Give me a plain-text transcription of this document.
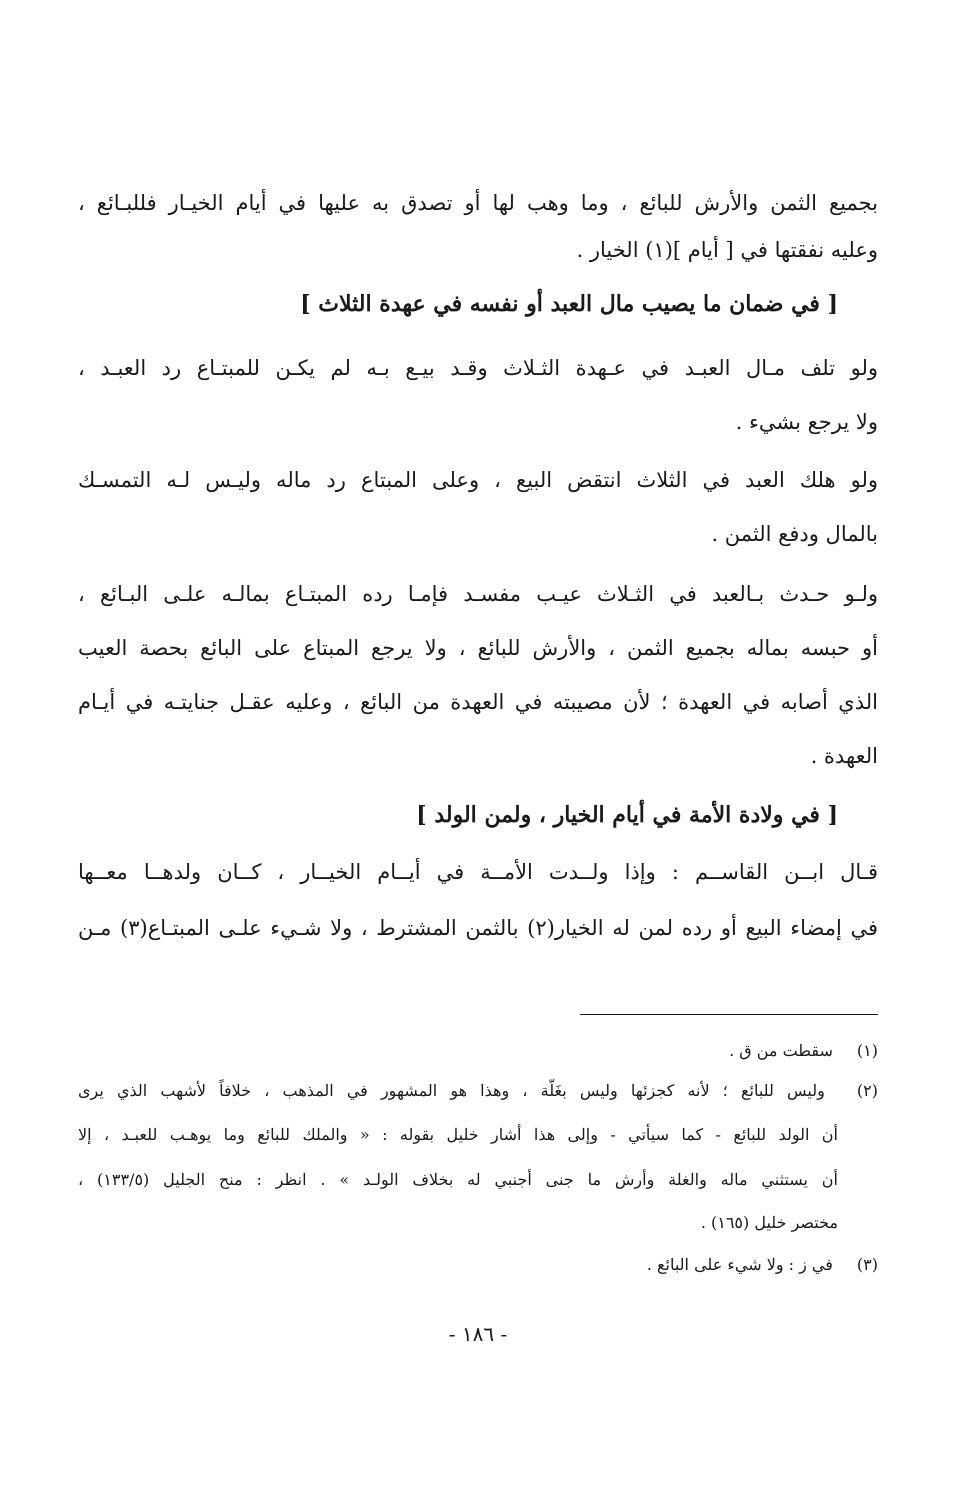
بجميع الثمن والأرش للبائع ، وما وهب لها أو تصدق به عليها في أيام الخيـار فللبـائع ،
وعليه نفقتها في [ أيام ](١) الخيار .
[ في ضمان ما يصيب مال العبد أو نفسه في عهدة الثلاث ]
ولو تلف مـال العبـد في عـهدة الثـلاث وقـد بيـع بـه لم يكـن للمبتـاع رد العبـد ،
ولا يرجع بشيء .
ولو هلك العبد في الثلاث انتقض البيع ، وعلى المبتاع رد ماله وليـس لـه التمسـك
بالمال ودفع الثمن .
ولـو حـدث بـالعبد في الثـلاث عيـب مفسـد فإمـا رده المبتـاع بمالـه علـى البـائع ،
أو حبسه بماله بجميع الثمن ، والأرش للبائع ، ولا يرجع المبتاع على البائع بحصة العيب
الذي أصابه في العهدة ؛ لأن مصيبته في العهدة من البائع ، وعليه عقـل جنايتـه في أيـام
العهدة .
[ في ولادة الأمة في أيام الخيار ، ولمن الولد ]
قـال ابــن القاســم : وإذا ولــدت الأمــة في أيــام الخيــار ، كــان ولدهــا معــها
في إمضاء البيع أو رده لمن له الخيار(٢) بالثمن المشترط ، ولا شـيء علـى المبتـاع(٣) مـن
(١) سقطت من ق .
(٢) وليس للبائع ؛ لأنه كجزئها وليس بغَلّة ، وهذا هو المشهور في المذهب ، خلافاً لأشهب الذي يرى
أن الولد للبائع - كما سيأتي - وإلى هذا أشار خليل بقوله : « والملك للبائع وما يوهـب للعبـد ، إلا
أن يستثني ماله والغلة وأرش ما جنى أجنبي له بخلاف الولـد » . انظر : منح الجليل (١٣٣/٥) ،
مختصر خليل (١٦٥) .
(٣) في ز : ولا شيء على البائع .
- ١٨٦ -
